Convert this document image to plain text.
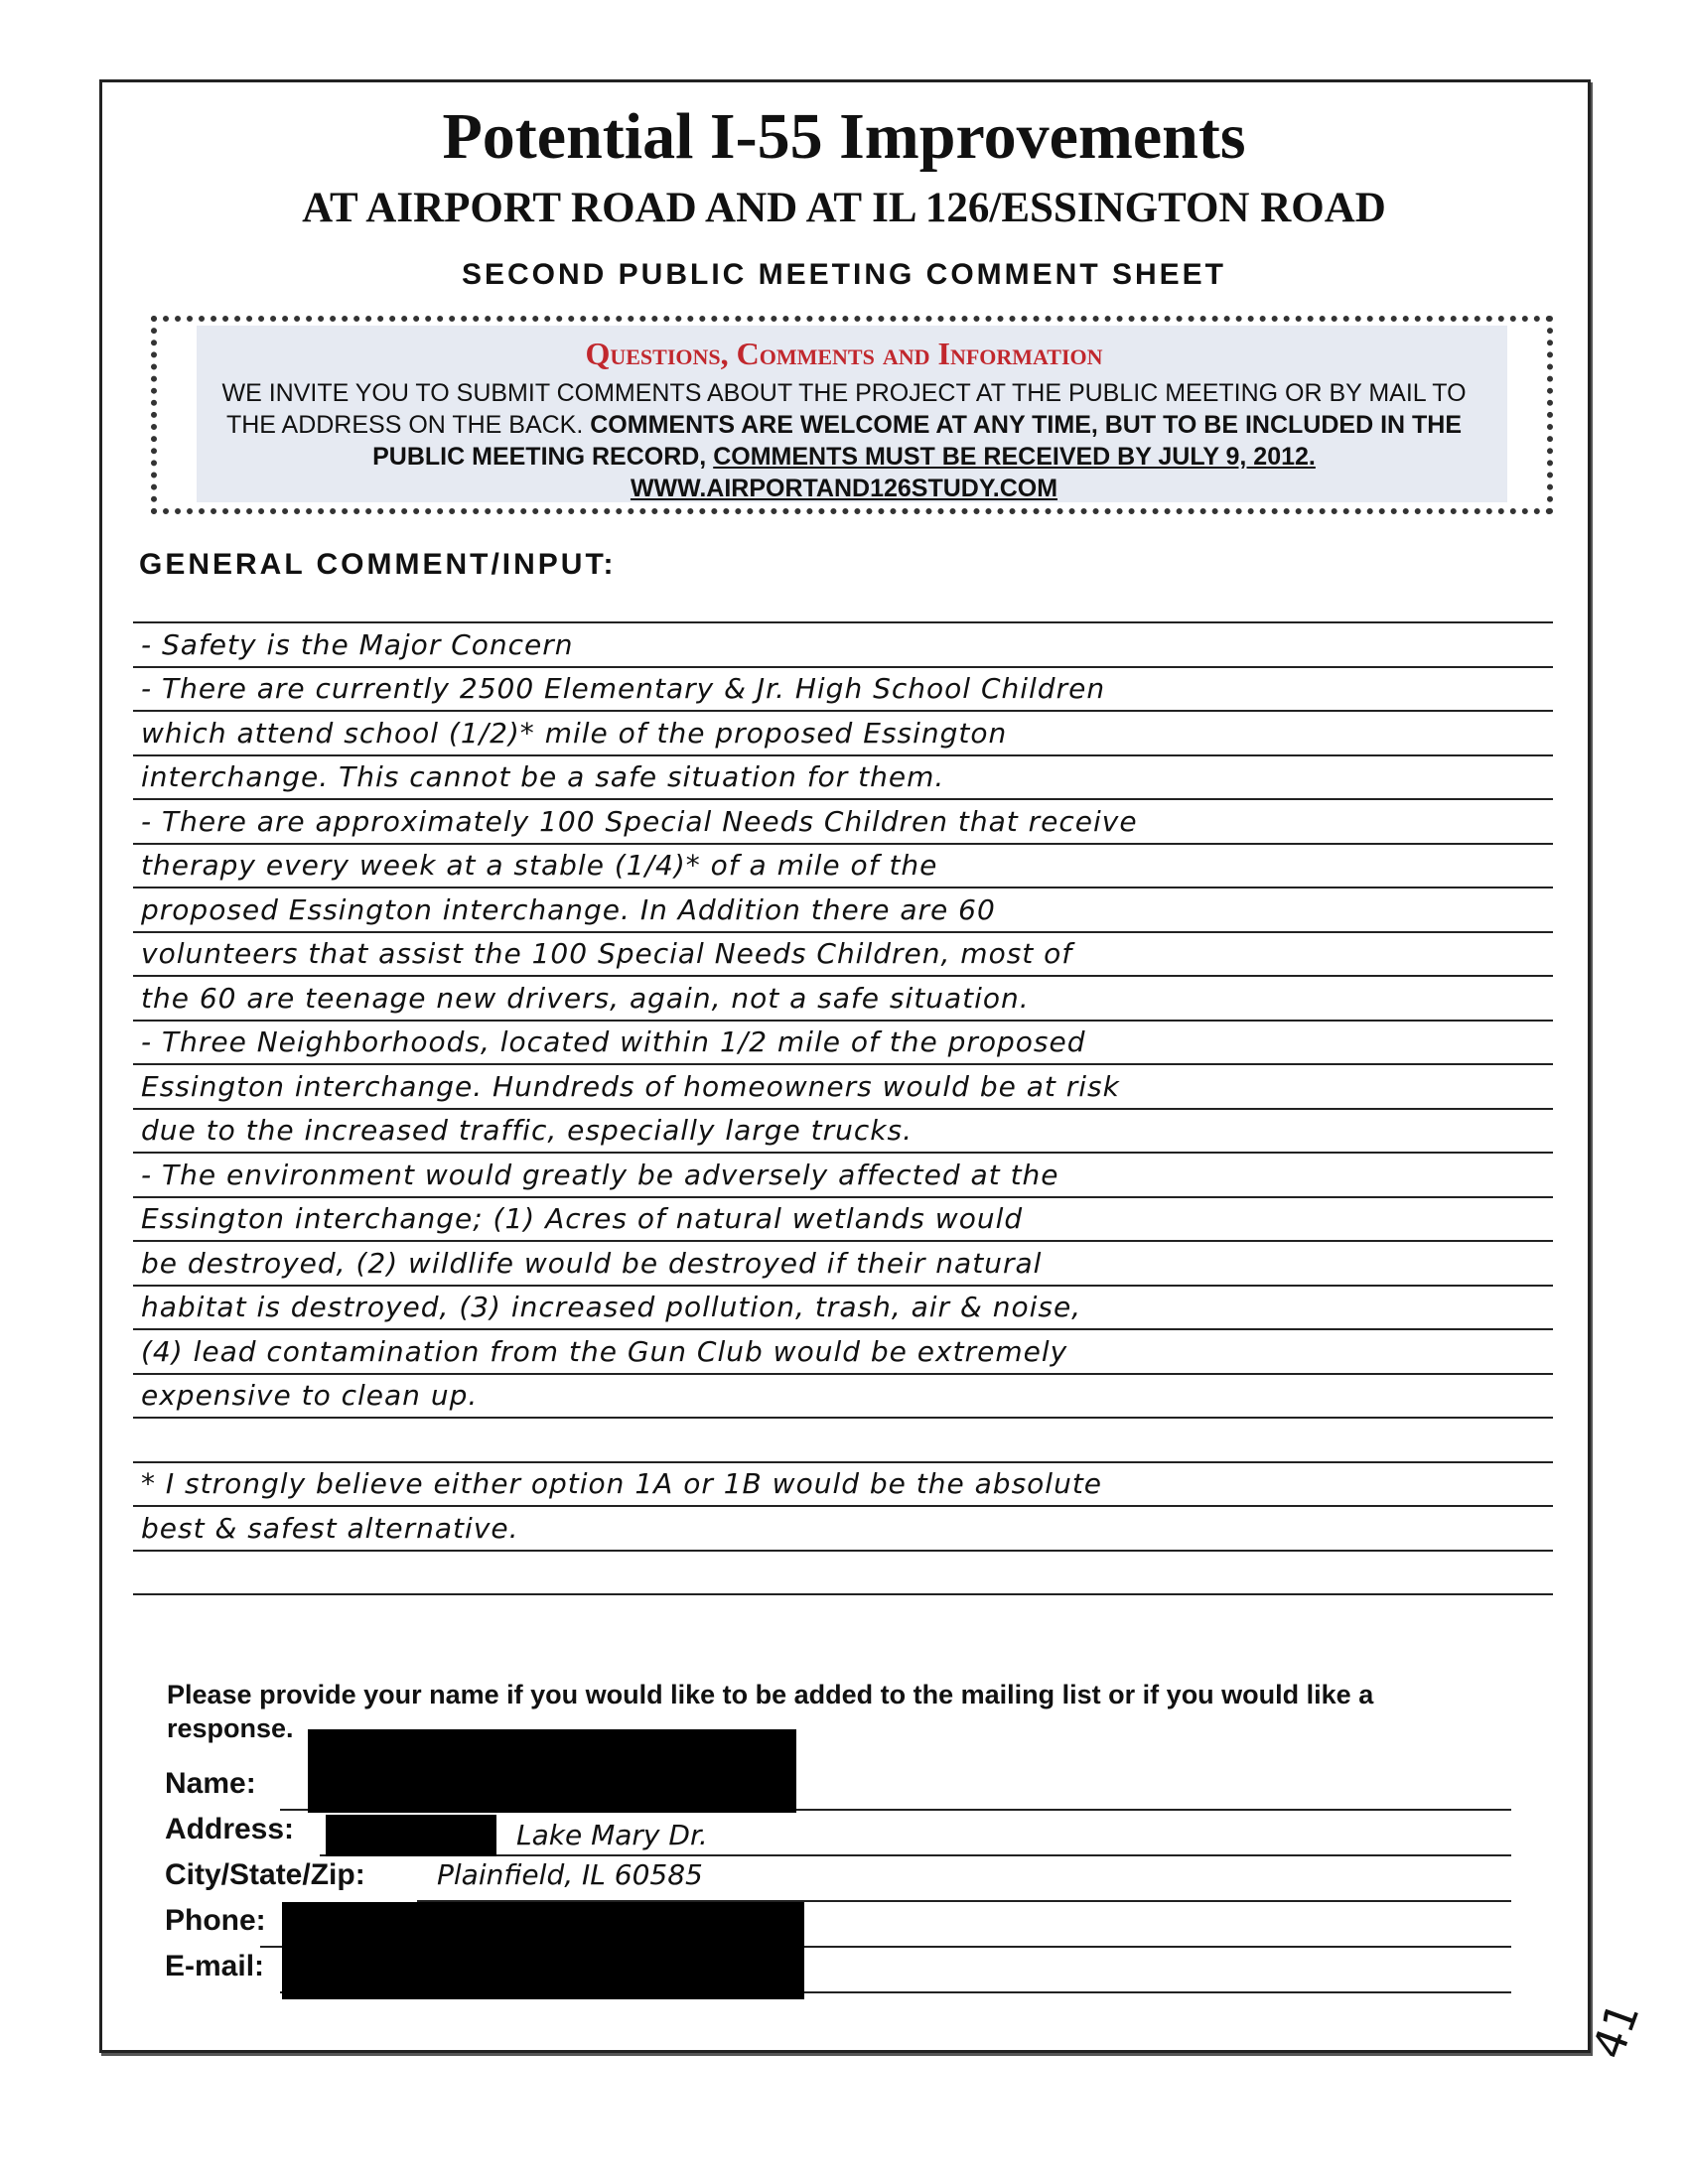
Potential I-55 Improvements
AT AIRPORT ROAD AND AT IL 126/ESSINGTON ROAD
SECOND PUBLIC MEETING COMMENT SHEET
Questions, Comments and Information
WE INVITE YOU TO SUBMIT COMMENTS ABOUT THE PROJECT AT THE PUBLIC MEETING OR BY MAIL TO THE ADDRESS ON THE BACK. COMMENTS ARE WELCOME AT ANY TIME, BUT TO BE INCLUDED IN THE PUBLIC MEETING RECORD, COMMENTS MUST BE RECEIVED BY JULY 9, 2012.
WWW.AIRPORTAND126STUDY.COM
GENERAL COMMENT/INPUT:
- Safety is the Major Concern
- There are currently 2500 Elementary & Jr. High School Children
which attend school (1/2)* mile of the proposed Essington
interchange. This cannot be a safe situation for them.
- There are approximately 100 Special Needs Children that receive
therapy every week at a stable (1/4)* of a mile of the
proposed Essington interchange. In Addition there are 60
volunteers that assist the 100 Special Needs Children, most of
the 60 are teenage new drivers, again, not a safe situation.
- Three Neighborhoods, located within 1/2 mile of the proposed
Essington interchange. Hundreds of homeowners would be at risk
due to the increased traffic, especially large trucks.
- The environment would greatly be adversely affected at the
Essington interchange; (1) Acres of natural wetlands would
be destroyed, (2) wildlife would be destroyed if their natural
habitat is destroyed, (3) increased pollution, trash, air & noise,
(4) lead contamination from the Gun Club would be extremely
expensive to clean up.
* I strongly believe either option 1A or 1B would be the absolute
best & safest alternative.
Please provide your name if you would like to be added to the mailing list or if you would like a response.
Name:
Address:	Lake Mary Dr.
City/State/Zip:	Plainfield, IL 60585
Phone:
E-mail:
41
